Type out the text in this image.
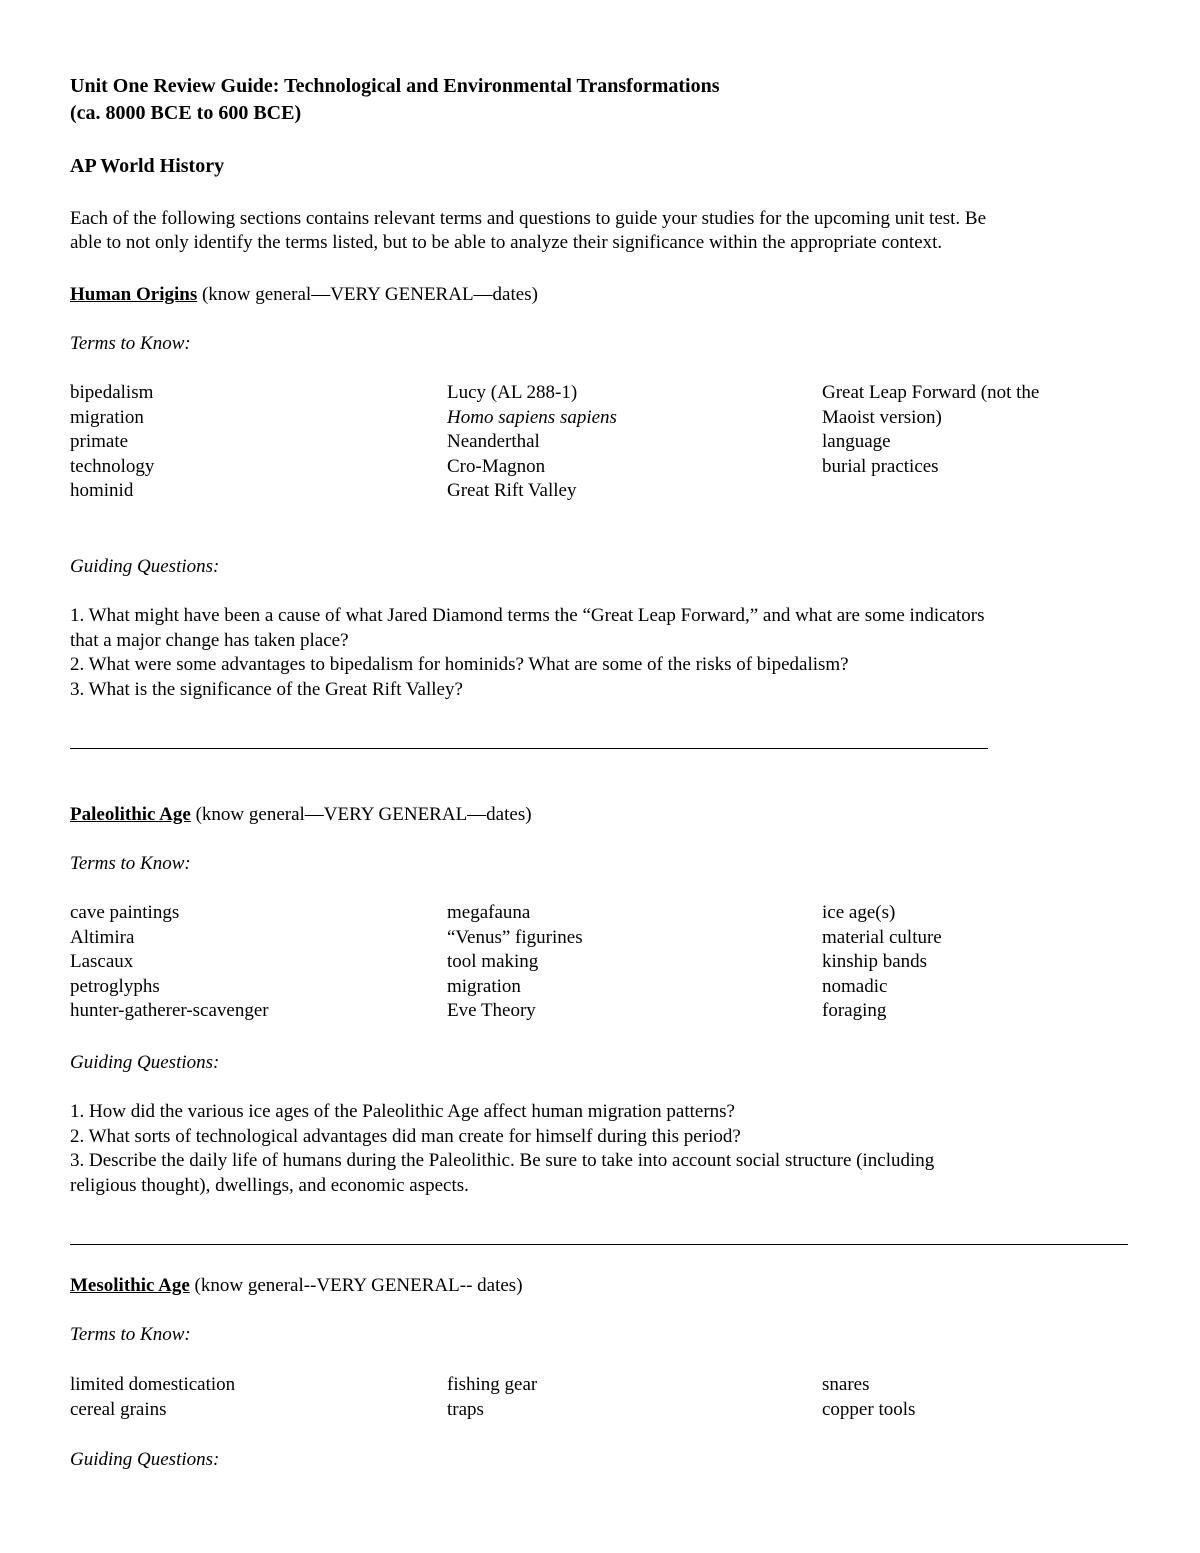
Unit One Review Guide: Technological and Environmental Transformations
(ca. 8000 BCE to 600 BCE)
AP World History
Each of the following sections contains relevant terms and questions to guide your studies for the upcoming unit test. Be
able to not only identify the terms listed, but to be able to analyze their significance within the appropriate context.
Human Origins (know general—VERY GENERAL—dates)
Terms to Know:
bipedalism
migration
primate
technology
hominid
Lucy (AL 288-1)
Homo sapiens sapiens
Neanderthal
Cro-Magnon
Great Rift Valley
Great Leap Forward (not the
Maoist version)
language
burial practices
Guiding Questions:
1. What might have been a cause of what Jared Diamond terms the “Great Leap Forward,” and what are some indicators
that a major change has taken place?
2. What were some advantages to bipedalism for hominids? What are some of the risks of bipedalism?
3. What is the significance of the Great Rift Valley?
Paleolithic Age (know general—VERY GENERAL—dates)
Terms to Know:
cave paintings
Altimira
Lascaux
petroglyphs
hunter-gatherer-scavenger
megafauna
“Venus” figurines
tool making
migration
Eve Theory
ice age(s)
material culture
kinship bands
nomadic
foraging
Guiding Questions:
1. How did the various ice ages of the Paleolithic Age affect human migration patterns?
2. What sorts of technological advantages did man create for himself during this period?
3. Describe the daily life of humans during the Paleolithic. Be sure to take into account social structure (including
religious thought), dwellings, and economic aspects.
Mesolithic Age (know general--VERY GENERAL-- dates)
Terms to Know:
limited domestication
cereal grains
fishing gear
traps
snares
copper tools
Guiding Questions:
